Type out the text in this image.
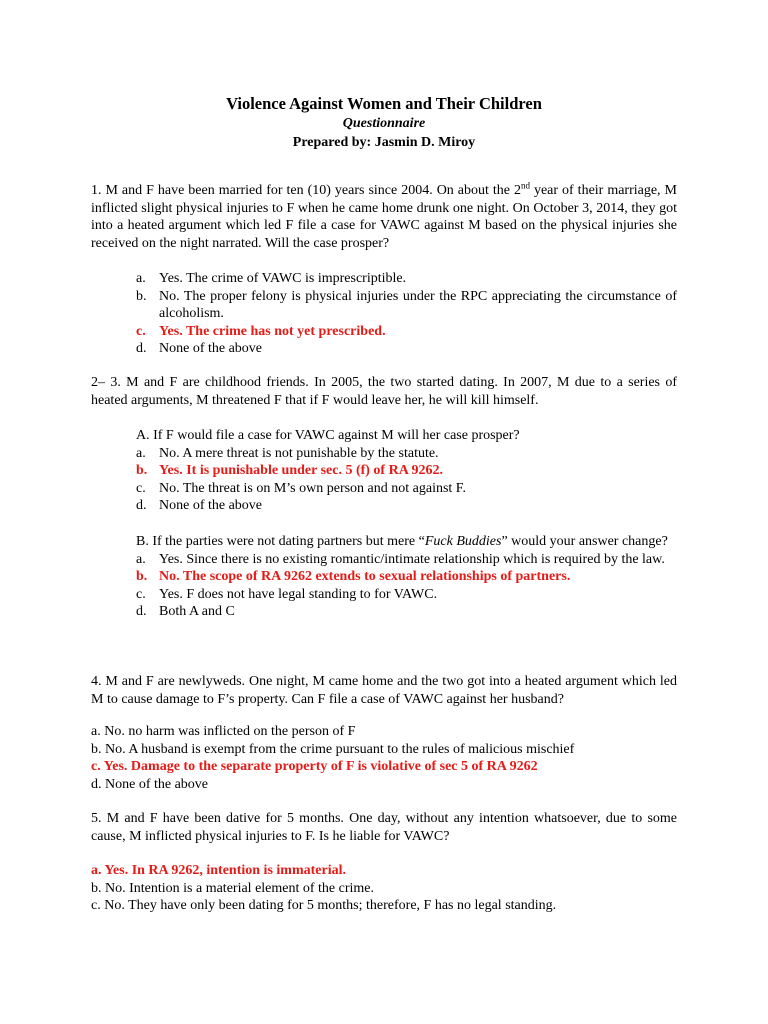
Violence Against Women and Their Children
Questionnaire
Prepared by: Jasmin D. Miroy
1. M and F have been married for ten (10) years since 2004. On about the 2nd year of their marriage, M inflicted slight physical injuries to F when he came home drunk one night. On October 3, 2014, they got into a heated argument which led F file a case for VAWC against M based on the physical injuries she received on the night narrated. Will the case prosper?
a. Yes. The crime of VAWC is imprescriptible.
b. No. The proper felony is physical injuries under the RPC appreciating the circumstance of alcoholism.
c. Yes. The crime has not yet prescribed.
d. None of the above
2– 3. M and F are childhood friends. In 2005, the two started dating. In 2007, M due to a series of heated arguments, M threatened F that if F would leave her, he will kill himself.
A. If F would file a case for VAWC against M will her case prosper?
a. No. A mere threat is not punishable by the statute.
b. Yes. It is punishable under sec. 5 (f) of RA 9262.
c. No. The threat is on M’s own person and not against F.
d. None of the above
B. If the parties were not dating partners but mere “Fuck Buddies” would your answer change?
a. Yes. Since there is no existing romantic/intimate relationship which is required by the law.
b. No. The scope of RA 9262 extends to sexual relationships of partners.
c. Yes. F does not have legal standing to for VAWC.
d. Both A and C
4. M and F are newlyweds. One night, M came home and the two got into a heated argument which led M to cause damage to F’s property. Can F file a case of VAWC against her husband?
a. No. no harm was inflicted on the person of F
b. No. A husband is exempt from the crime pursuant to the rules of malicious mischief
c. Yes. Damage to the separate property of F is violative of sec 5 of RA 9262
d. None of the above
5. M and F have been dative for 5 months. One day, without any intention whatsoever, due to some cause, M inflicted physical injuries to F. Is he liable for VAWC?
a. Yes. In RA 9262, intention is immaterial.
b. No. Intention is a material element of the crime.
c. No. They have only been dating for 5 months; therefore, F has no legal standing.
